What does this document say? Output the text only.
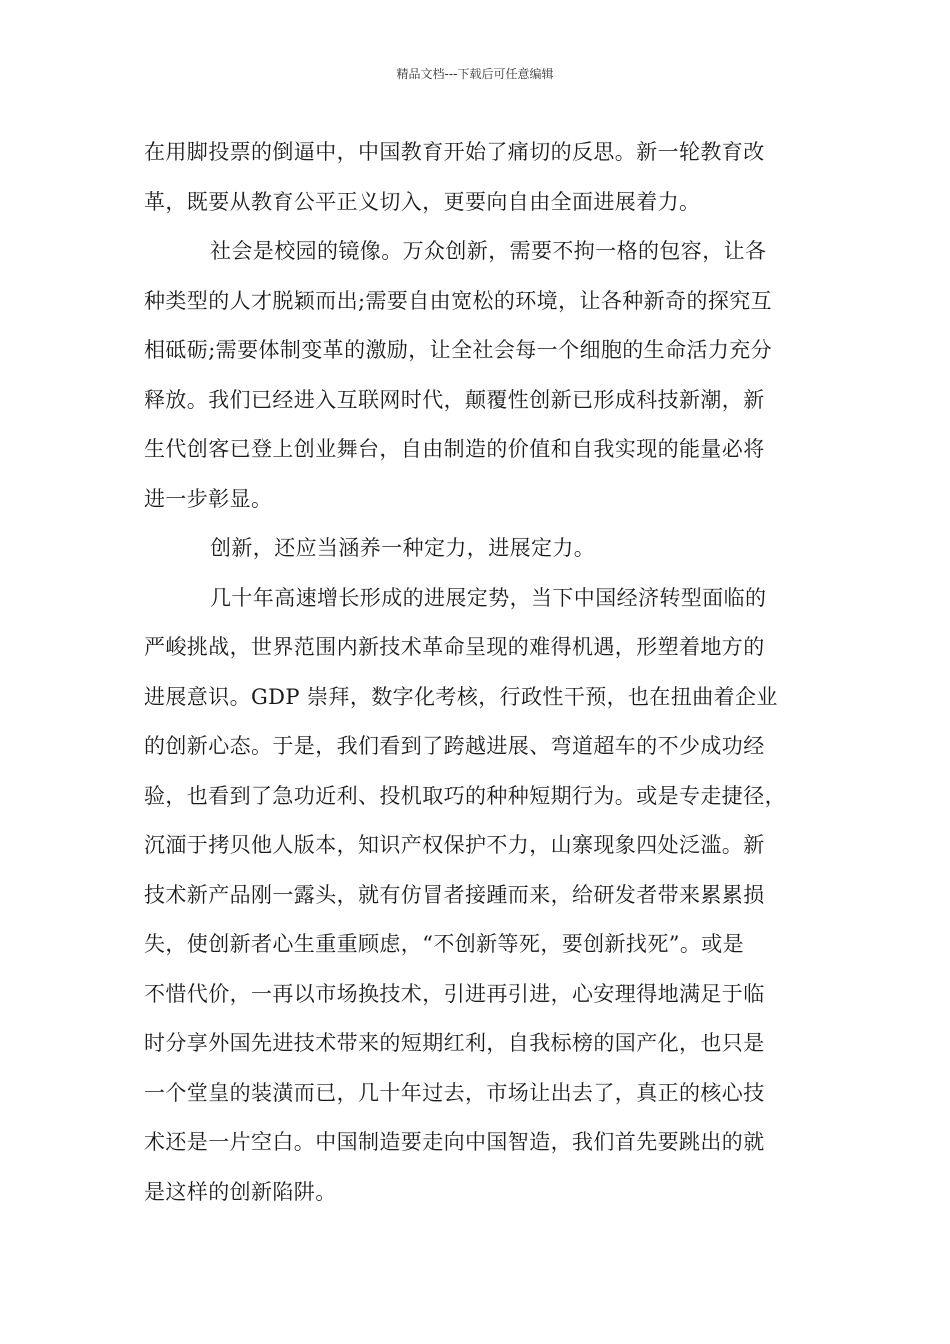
精品文档---下载后可任意编辑
在用脚投票的倒逼中，中国教育开始了痛切的反思。新一轮教育改
革，既要从教育公平正义切入，更要向自由全面进展着力。
社会是校园的镜像。万众创新，需要不拘一格的包容，让各
种类型的人才脱颖而出;需要自由宽松的环境，让各种新奇的探究互
相砥砺;需要体制变革的激励，让全社会每一个细胞的生命活力充分
释放。我们已经进入互联网时代，颠覆性创新已形成科技新潮，新
生代创客已登上创业舞台，自由制造的价值和自我实现的能量必将
进一步彰显。
创新，还应当涵养一种定力，进展定力。
几十年高速增长形成的进展定势，当下中国经济转型面临的
严峻挑战，世界范围内新技术革命呈现的难得机遇，形塑着地方的
进展意识。GDP 崇拜，数字化考核，行政性干预，也在扭曲着企业
的创新心态。于是，我们看到了跨越进展、弯道超车的不少成功经
验，也看到了急功近利、投机取巧的种种短期行为。或是专走捷径，
沉湎于拷贝他人版本，知识产权保护不力，山寨现象四处泛滥。新
技术新产品刚一露头，就有仿冒者接踵而来，给研发者带来累累损
失，使创新者心生重重顾虑，“不创新等死，要创新找死”。或是
不惜代价，一再以市场换技术，引进再引进，心安理得地满足于临
时分享外国先进技术带来的短期红利，自我标榜的国产化，也只是
一个堂皇的装潢而已，几十年过去，市场让出去了，真正的核心技
术还是一片空白。中国制造要走向中国智造，我们首先要跳出的就
是这样的创新陷阱。
